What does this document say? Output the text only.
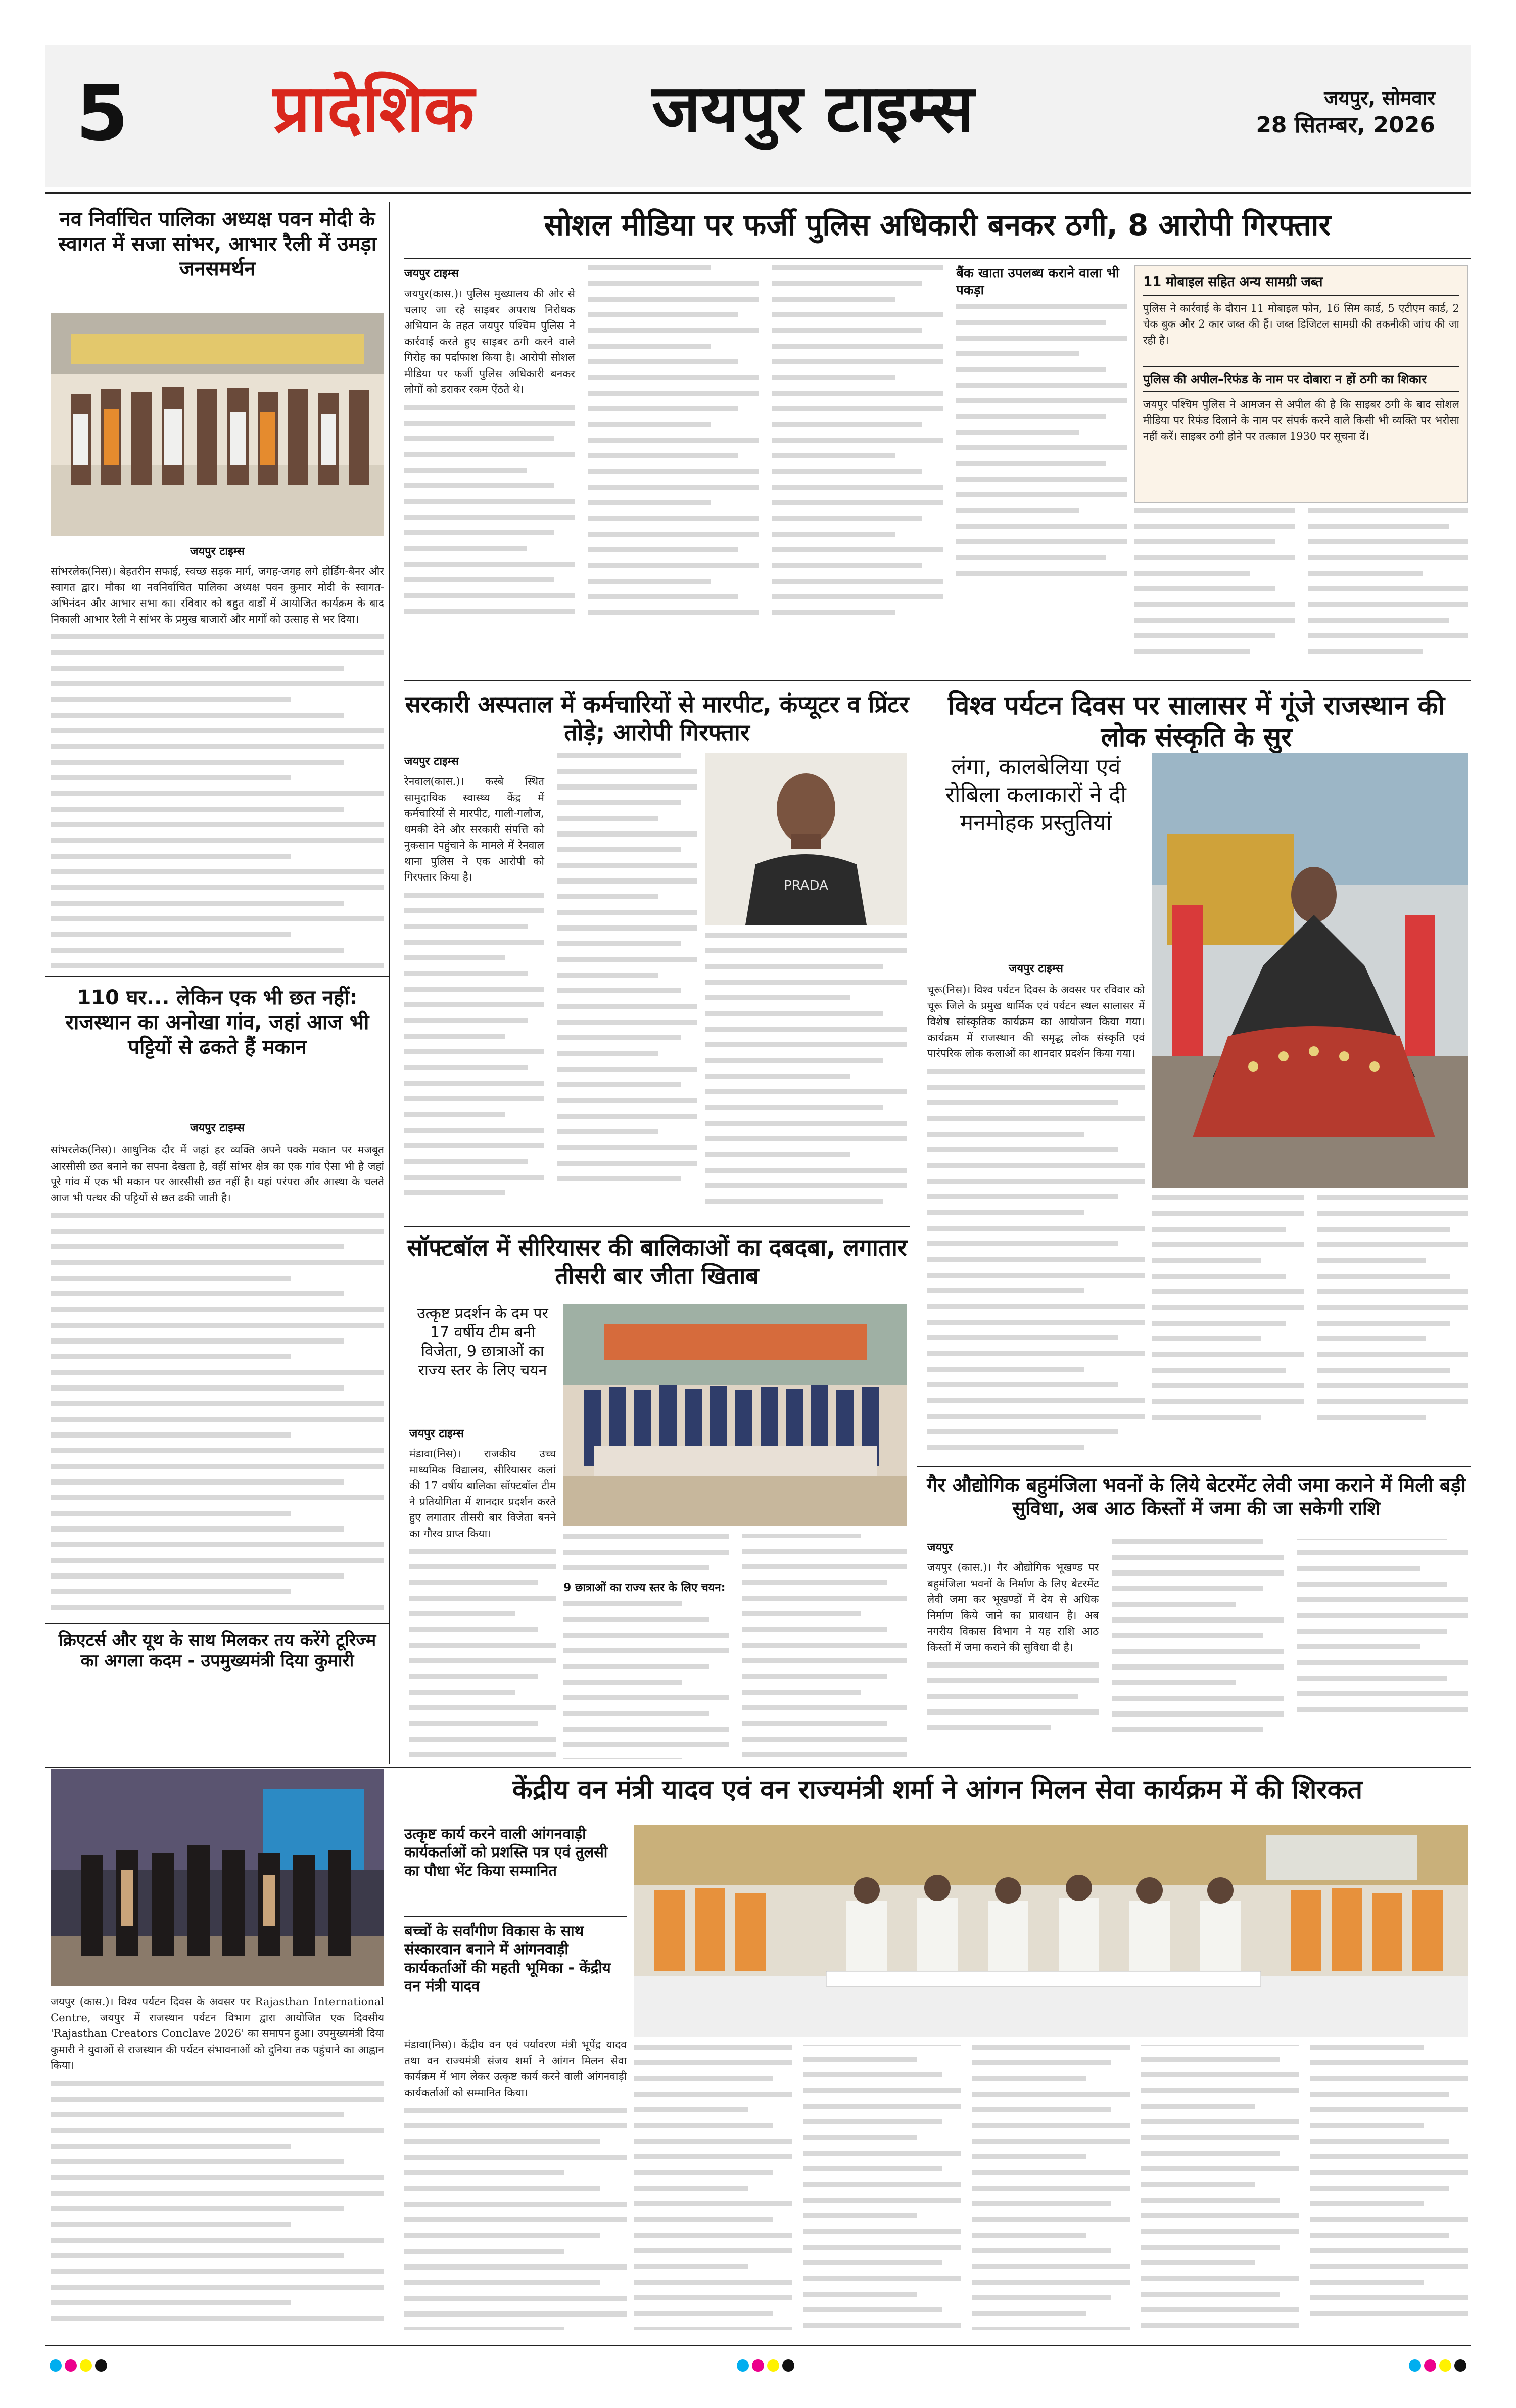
5 प्रादेशिक	जयपुर टाइम्स	जयपुर, सोमवार
28 सितम्बर, 2026
नव निर्वाचित पालिका अध्यक्ष पवन मोदी के स्वागत में सजा सांभर, आभार रैली में उमड़ा जनसमर्थन
जयपुर टाइम्स
सांभरलेक(निस)। बेहतरीन सफाई, स्वच्छ सड़क मार्ग, जगह-जगह लगे होर्डिंग-बैनर और स्वागत द्वार। मौका था नवनिर्वाचित पालिका अध्यक्ष पवन कुमार मोदी के स्वागत-अभिनंदन और आभार सभा का। रविवार को बहुत वार्डों में आयोजित कार्यक्रम के बाद निकाली आभार रैली ने सांभर के प्रमुख बाजारों और मार्गों को उत्साह से भर दिया।
110 घर... लेकिन एक भी छत नहीं: राजस्थान का अनोखा गांव, जहां आज भी पट्टियों से ढकते हैं मकान
जयपुर टाइम्स
सांभरलेक(निस)। आधुनिक दौर में जहां हर व्यक्ति अपने पक्के मकान पर मजबूत आरसीसी छत बनाने का सपना देखता है, वहीं सांभर क्षेत्र का एक गांव ऐसा भी है जहां पूरे गांव में एक भी मकान पर आरसीसी छत नहीं है। यहां परंपरा और आस्था के चलते आज भी पत्थर की पट्टियों से छत ढकी जाती है।
क्रिएटर्स और यूथ के साथ मिलकर तय करेंगे टूरिज्म का अगला कदम - उपमुख्यमंत्री दिया कुमारी
जयपुर (कास.)। विश्व पर्यटन दिवस के अवसर पर Rajasthan International Centre, जयपुर में राजस्थान पर्यटन विभाग द्वारा आयोजित एक दिवसीय 'Rajasthan Creators Conclave 2026' का समापन हुआ। उपमुख्यमंत्री दिया कुमारी ने युवाओं से राजस्थान की पर्यटन संभावनाओं को दुनिया तक पहुंचाने का आह्वान किया।
सोशल मीडिया पर फर्जी पुलिस अधिकारी बनकर ठगी, 8 आरोपी गिरफ्तार
जयपुर टाइम्स
जयपुर(कास.)। पुलिस मुख्यालय की ओर से चलाए जा रहे साइबर अपराध निरोधक अभियान के तहत जयपुर पश्चिम पुलिस ने कार्रवाई करते हुए साइबर ठगी करने वाले गिरोह का पर्दाफाश किया है। आरोपी सोशल मीडिया पर फर्जी पुलिस अधिकारी बनकर लोगों को डराकर रकम ऐंठते थे।
बैंक खाता उपलब्ध कराने वाला भी पकड़ा
11 मोबाइल सहित अन्य सामग्री जब्त
पुलिस ने कार्रवाई के दौरान 11 मोबाइल फोन, 16 सिम कार्ड, 5 एटीएम कार्ड, 2 चेक बुक और 2 कार जब्त की हैं। जब्त डिजिटल सामग्री की तकनीकी जांच की जा रही है।
पुलिस की अपील–रिफंड के नाम पर दोबारा न हों ठगी का शिकार
जयपुर पश्चिम पुलिस ने आमजन से अपील की है कि साइबर ठगी के बाद सोशल मीडिया पर रिफंड दिलाने के नाम पर संपर्क करने वाले किसी भी व्यक्ति पर भरोसा नहीं करें। साइबर ठगी होने पर तत्काल 1930 पर सूचना दें।
सरकारी अस्पताल में कर्मचारियों से मारपीट, कंप्यूटर व प्रिंटर तोड़े; आरोपी गिरफ्तार
जयपुर टाइम्स
रेनवाल(कास.)। कस्बे स्थित सामुदायिक स्वास्थ्य केंद्र में कर्मचारियों से मारपीट, गाली-गलौज, धमकी देने और सरकारी संपत्ति को नुकसान पहुंचाने के मामले में रेनवाल थाना पुलिस ने एक आरोपी को गिरफ्तार किया है।
PRADA
सॉफ्टबॉल में सीरियासर की बालिकाओं का दबदबा, लगातार तीसरी बार जीता खिताब
उत्कृष्ट प्रदर्शन के दम पर 17 वर्षीय टीम बनी विजेता, 9 छात्राओं का राज्य स्तर के लिए चयन
जयपुर टाइम्स
मंडावा(निस)। राजकीय उच्च माध्यमिक विद्यालय, सीरियासर कलां की 17 वर्षीय बालिका सॉफ्टबॉल टीम ने प्रतियोगिता में शानदार प्रदर्शन करते हुए लगातार तीसरी बार विजेता बनने का गौरव प्राप्त किया।
9 छात्राओं का राज्य स्तर के लिए चयन:
विश्व पर्यटन दिवस पर सालासर में गूंजे राजस्थान की लोक संस्कृति के सुर
लंगा, कालबेलिया एवं रोबिला कलाकारों ने दी मनमोहक प्रस्तुतियां
जयपुर टाइम्स
चूरू(निस)। विश्व पर्यटन दिवस के अवसर पर रविवार को चूरू जिले के प्रमुख धार्मिक एवं पर्यटन स्थल सालासर में विशेष सांस्कृतिक कार्यक्रम का आयोजन किया गया। कार्यक्रम में राजस्थान की समृद्ध लोक संस्कृति एवं पारंपरिक लोक कलाओं का शानदार प्रदर्शन किया गया।
गैर औद्योगिक बहुमंजिला भवनों के लिये बेटरमेंट लेवी जमा कराने में मिली बड़ी सुविधा, अब आठ किस्तों में जमा की जा सकेगी राशि
जयपुर
जयपुर (कास.)। गैर औद्योगिक भूखण्ड पर बहुमंजिला भवनों के निर्माण के लिए बेटरमेंट लेवी जमा कर भूखण्डों में देय से अधिक निर्माण किये जाने का प्रावधान है। अब नगरीय विकास विभाग ने यह राशि आठ किस्तों में जमा कराने की सुविधा दी है।
केंद्रीय वन मंत्री यादव एवं वन राज्यमंत्री शर्मा ने आंगन मिलन सेवा कार्यक्रम में की शिरकत
उत्कृष्ट कार्य करने वाली आंगनवाड़ी कार्यकर्ताओं को प्रशस्ति पत्र एवं तुलसी का पौधा भेंट किया सम्मानित
बच्चों के सर्वांगीण विकास के साथ संस्कारवान बनाने में आंगनवाड़ी कार्यकर्ताओं की महती भूमिका - केंद्रीय वन मंत्री यादव
मंडावा(निस)। केंद्रीय वन एवं पर्यावरण मंत्री भूपेंद्र यादव तथा वन राज्यमंत्री संजय शर्मा ने आंगन मिलन सेवा कार्यक्रम में भाग लेकर उत्कृष्ट कार्य करने वाली आंगनवाड़ी कार्यकर्ताओं को सम्मानित किया।
